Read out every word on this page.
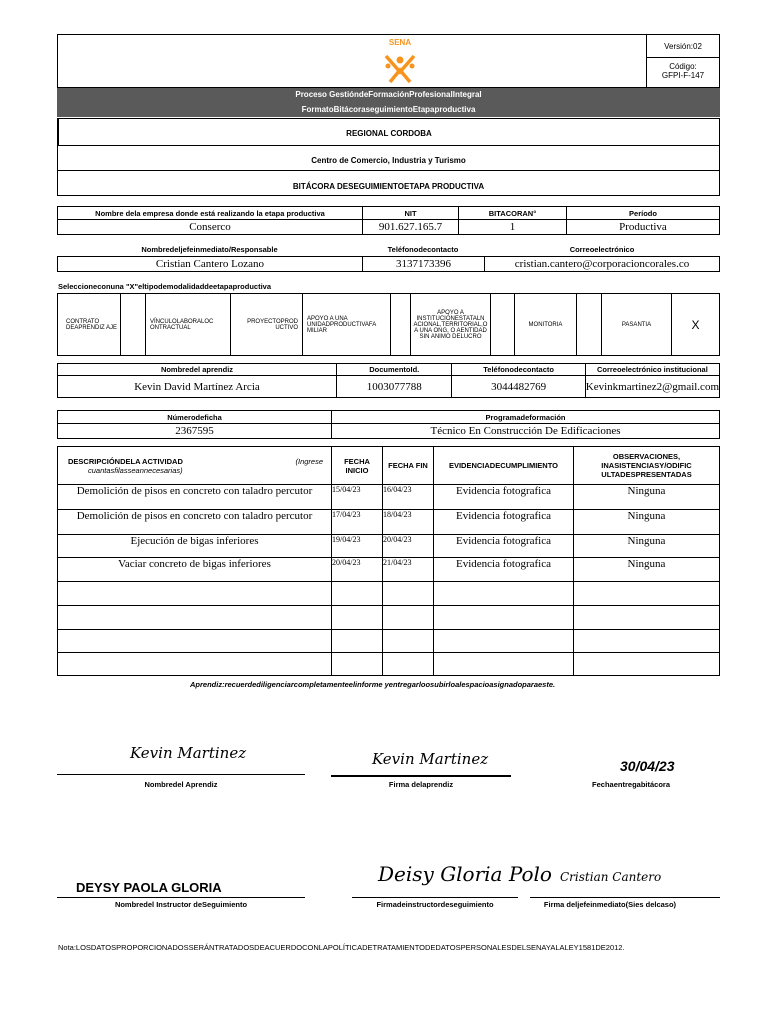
SENA	Versión:02
Código:
GFPI-F-147
Proceso GestióndeFormaciónProfesionalIntegral
FormatoBitácoraseguimientoEtapaproductiva
REGIONAL CORDOBA
Centro de Comercio, Industria y Turismo
BITÁCORA DESEGUIMIENTOETAPA PRODUCTIVA
Nombre dela empresa donde está realizando la etapa productiva	NIT	BITACORAN°	Período
Conserco	901.627.165.7	1	Productiva
Nombredeljefeinmediato/Responsable	Teléfonodecontacto	Correoelectrónico
Cristian Cantero Lozano	3137173396	cristian.cantero@corporacioncorales.co
Seleccioneconuna "X"eltipodemodalidaddeetapaproductiva
CONTRATO DEAPRENDIZ AJE		VÍNCULOLABORALOC ONTRACTUAL	PROYECTOPROD UCTIVO	APOYO A UNA UNIDADPRODUCTIVAFA MILIAR		APOYO A INSTITUCIÓNESTATALN ACIONAL,TERRITORIAL,O A UNA ONG, O AENTIDAD SIN ANIMO DELUCRO		MONITORIA		PASANTIA	X
Nombredel aprendiz	DocumentoId.	Teléfonodecontacto	Correoelectrónico institucional
Kevin David Martínez Arcia	1003077788	3044482769	Kevinkmartinez2@gmail.com
Númerodeficha	Programadeformación
2367595	Técnico En Construcción De Edificaciones
DESCRIPCIÓNDELA ACTIVIDAD (Ingrese
cuantasfilasseannecesarias)	FECHA INICIO	FECHA FIN	EVIDENCIADECUMPLIMIENTO	OBSERVACIONES, INASISTENCIASY/ODIFIC ULTADESPRESENTADAS
Demolición de pisos en concreto con taladro percutor	15/04/23	16/04/23	Evidencia fotografica	Ninguna
Demolición de pisos en concreto con taladro percutor	17/04/23	18/04/23	Evidencia fotografica	Ninguna
Ejecución de bigas inferiores	19/04/23	20/04/23	Evidencia fotografica	Ninguna
Vaciar concreto de bigas inferiores	20/04/23	21/04/23	Evidencia fotografica	Ninguna

Aprendiz:recuerdediligenciarcompletamenteelinforme yentregarloosubirloalespacioasignadoparaeste.
Kevin Martinez
Nombredel Aprendiz
Kevin Martinez
Firma delaprendiz
30/04/23
Fechaentregabitácora
DEYSY PAOLA GLORIA
Nombredel Instructor deSeguimiento
Deisy Gloria Polo
Firmadeinstructordeseguimiento
Cristian Cantero
Firma deljefeinmediato(Sies delcaso)
Nota:LOSDATOSPROPORCIONADOSSERÁNTRATADOSDEACUERDOCONLAPOLÍTICADETRATAMIENTODEDATOSPERSONALESDELSENAYALALEY1581DE2012.
